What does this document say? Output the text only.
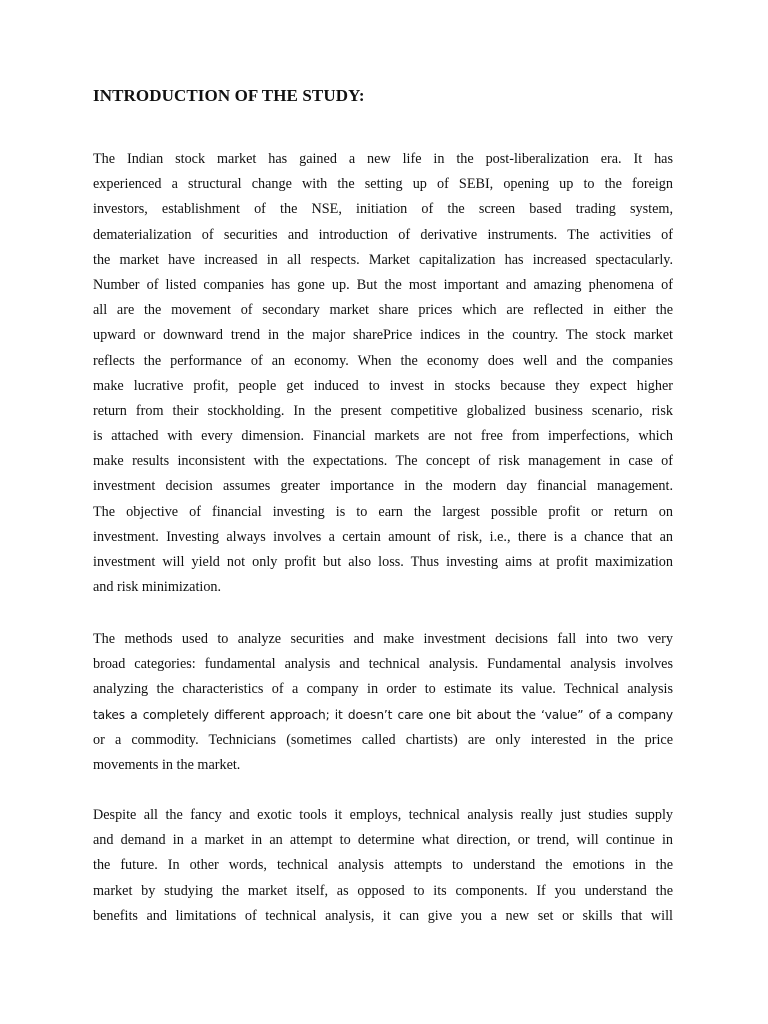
INTRODUCTION OF THE STUDY:
The Indian stock market has gained a new life in the post-liberalization era. It has
experienced a structural change with the setting up of SEBI, opening up to the foreign
investors, establishment of the NSE, initiation of the screen based trading system,
dematerialization of securities and introduction of derivative instruments. The activities of
the market have increased in all respects. Market capitalization has increased spectacularly.
Number of listed companies has gone up. But the most important and amazing phenomena of
all are the movement of secondary market share prices which are reflected in either the
upward or downward trend in the major sharePrice indices in the country. The stock market
reflects the performance of an economy. When the economy does well and the companies
make lucrative profit, people get induced to invest in stocks because they expect higher
return from their stockholding. In the present competitive globalized business scenario, risk
is attached with every dimension. Financial markets are not free from imperfections, which
make results inconsistent with the expectations. The concept of risk management in case of
investment decision assumes greater importance in the modern day financial management.
The objective of financial investing is to earn the largest possible profit or return on
investment. Investing always involves a certain amount of risk, i.e., there is a chance that an
investment will yield not only profit but also loss. Thus investing aims at profit maximization
and risk minimization.
The methods used to analyze securities and make investment decisions fall into two very
broad categories: fundamental analysis and technical analysis. Fundamental analysis involves
analyzing the characteristics of a company in order to estimate its value. Technical analysis
takes a completely different approach; it doesn’t care one bit about the ‘value” of a company
or a commodity. Technicians (sometimes called chartists) are only interested in the price
movements in the market.
Despite all the fancy and exotic tools it employs, technical analysis really just studies supply
and demand in a market in an attempt to determine what direction, or trend, will continue in
the future. In other words, technical analysis attempts to understand the emotions in the
market by studying the market itself, as opposed to its components. If you understand the
benefits and limitations of technical analysis, it can give you a new set or skills that will
